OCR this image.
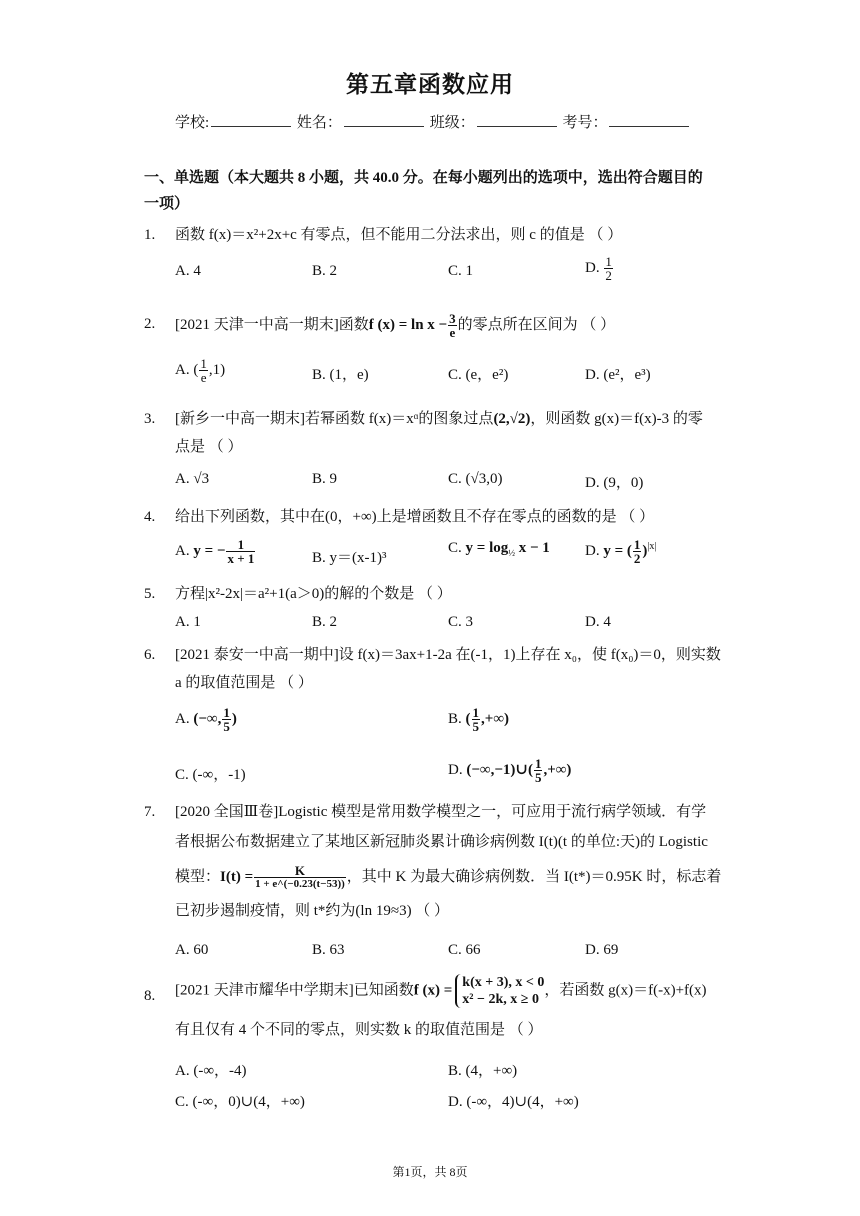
第五章函数应用
学校:	姓名：	班级：	考号：
一、单选题（本大题共 8 小题，共 40.0 分。在每小题列出的选项中，选出符合题目的
一项）
1.	函数 f(x)＝x²+2x+c 有零点，但不能用二分法求出，则 c 的值是 （ ）
A. 4	B. 2	C. 1	D. $\frac{1}{2}$
2.	[2021 天津一中高一期末]函数f $(x) = \ln x - \frac{3}{e}$ 的零点所在区间为 （ ）
A. ( $\frac{1}{e} ,1$)	B. (1，e)	C. (e，e²)	D. (e²，e³)
3.	[新乡一中高一期末]若幂函数 f(x)＝xᵅ的图象过点(2,√2)，则函数 g(x)＝f(x)-3 的零
点是 （ ）
A. √3	B. 9	C. (√3,0)	D. (9，0)
4.	给出下列函数，其中在(0，+∞)上是增函数且不存在零点的函数的是 （ ）
A. y = − $\frac{1}{x + 1}$	B. y＝(x-1)³
C. $y = \log_{\frac{1}{2}} x - 1$ D. y = ( $\frac{1}{2} )^{|x|}$
5.	方程|x²-2x|＝a²+1(a＞0)的解的个数是 （ ）
A. 1	B. 2	C. 3	D. 4
6.	[2021 泰安一中高一期中]设 f(x)＝3ax+1-2a 在(-1，1)上存在 x₀，使 f(x₀)＝0，则实数
a 的取值范围是 （ ）
A. (−∞, $\frac{1}{5}$ )	B. ( $\frac{1}{5}$ ,+∞)
C. (-∞，-1)	D. (−∞,−1)∪( $\frac{1}{5}$ ,+∞)
7.	[2020 全国Ⅲ卷]Logistic 模型是常用数学模型之一，可应用于流行病学领域．有学
者根据公布数据建立了某地区新冠肺炎累计确诊病例数 I(t)(t 的单位:天)的 Logistic
模型：$I(t) = \frac{K}{1 + e\^{}(-0.23(t-53))}$ ，其中 K 为最大确诊病例数．当 I(t*)＝0.95K 时，标志着
已初步遏制疫情，则 t*约为(ln 19≈3) （ ）
A. 60	B. 63	C. 66	D. 69
8.	[2021 天津市耀华中学期末]已知函数f (x) = k(x + 3), x < 0
x² − 2k, x ≥ 0
，若函数 g(x)＝f(-x)+f(x)
有且仅有 4 个不同的零点，则实数 k 的取值范围是 （ ）
A. (-∞，-4)	B. (4，+∞)
C. (-∞，0)∪(4，+∞)	D. (-∞，4)∪(4，+∞)
第1页，共 8页
